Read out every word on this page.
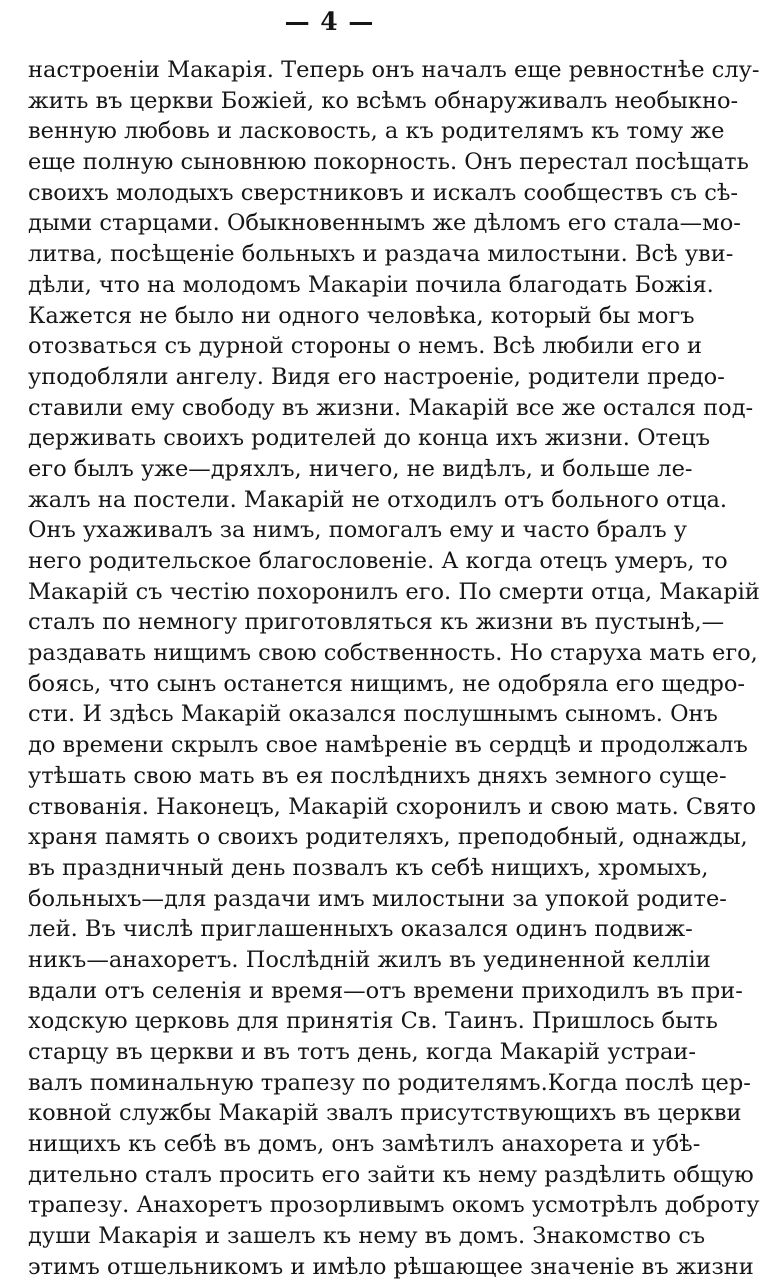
— 4 —
настроенiи Макарія. Теперь онъ началъ еще ревностнѣе слу-
жить въ церкви Божіей, ко всѣмъ обнаруживалъ необыкно-
венную любовь и ласковость, а къ родителямъ къ тому же
еще полную сыновнюю покорность. Онъ перестал посѣщать
своихъ молодыхъ сверстниковъ и искалъ сообществъ съ сѣ-
дыми старцами. Обыкновеннымъ же дѣломъ его стала—мо-
литва, посѣщеніе больныхъ и раздача милостыни. Всѣ уви-
дѣли, что на молодомъ Макаріи почила благодать Божія.
Кажется не было ни одного человѣка, который бы могъ
отозваться съ дурной стороны о немъ. Всѣ любили его и
уподобляли ангелу. Видя его настроеніе, родители предо-
ставили ему свободу въ жизни. Макарій все же остался под-
держивать своихъ родителей до конца ихъ жизни. Отецъ
его былъ уже—дряхлъ, ничего, не видѣлъ, и больше ле-
жалъ на постели. Макарій не отходилъ отъ больного отца.
Онъ ухаживалъ за нимъ, помогалъ ему и часто бралъ у
него родительское благословеніе. А когда отецъ умеръ, то
Макарій съ честію похоронилъ его. По смерти отца, Макарій
сталъ по немногу приготовляться къ жизни въ пустынѣ,—
раздавать нищимъ свою собственность. Но старуха мать его,
боясь, что сынъ останется нищимъ, не одобряла его щедро-
сти. И здѣсь Макарій оказался послушнымъ сыномъ. Онъ
до времени скрылъ свое намѣреніе въ сердцѣ и продолжалъ
утѣшать свою мать въ ея послѣднихъ дняхъ земного суще-
ствованія. Наконецъ, Макарій схоронилъ и свою мать. Свято
храня память о своихъ родителяхъ, преподобный, однажды,
въ праздничный день позвалъ къ себѣ нищихъ, хромыхъ,
больныхъ—для раздачи имъ милостыни за упокой родите-
лей. Въ числѣ приглашенныхъ оказался одинъ подвиж-
никъ—анахоретъ. Послѣдній жилъ въ уединенной келліи
вдали отъ селенія и время—отъ времени приходилъ въ при-
ходскую церковь для принятія Св. Таинъ. Пришлось быть
старцу въ церкви и въ тотъ день, когда Макарій устраи-
валъ поминальную трапезу по родителямъ.Когда послѣ цер-
ковной службы Макарій звалъ присутствующихъ въ церкви
нищихъ къ себѣ въ домъ, онъ замѣтилъ анахорета и убѣ-
дительно сталъ просить его зайти къ нему раздѣлить общую
трапезу. Анахоретъ прозорливымъ окомъ усмотрѣлъ доброту
души Макарія и зашелъ къ нему въ домъ. Знакомство съ
этимъ отшельникомъ и имѣло рѣшающее значеніе въ жизни
